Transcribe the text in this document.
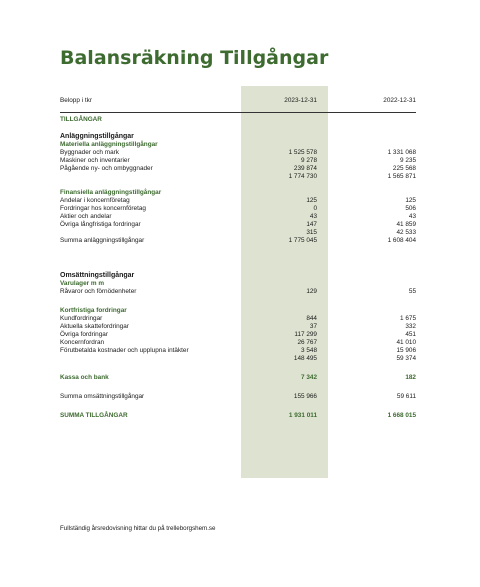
Balansräkning Tillgångar
Belopp i tkr	2023-12-31	2022-12-31
TILLGÅNGAR
Anläggningstillgångar
Materiella anläggningstillgångar
Byggnader och mark	1 525 578	1 331 068
Maskiner och inventarier	9 278	9 235
Pågående ny- och ombyggnader	239 874	225 568
1 774 730	1 565 871
Finansiella anläggningstillgångar
Andelar i koncernföretag	125	125
Fordringar hos koncernföretag	0	506
Aktier och andelar	43	43
Övriga långfristiga fordringar	147	41 859
315	42 533
Summa anläggningstillgångar	1 775 045	1 608 404
Omsättningstillgångar
Varulager m m
Råvaror och förnödenheter	129	55
Kortfristiga fordringar
Kundfordringar	844	1 675
Aktuella skattefordringar	37	332
Övriga fordringar	117 299	451
Koncernfordran	26 767	41 010
Förutbetalda kostnader och upplupna intäkter	3 548	15 906
148 495	59 374
Kassa och bank	7 342	182
Summa omsättningstillgångar	155 966	59 611
SUMMA TILLGÅNGAR	1 931 011	1 668 015
Fullständig årsredovisning hittar du på trelleborgshem.se
